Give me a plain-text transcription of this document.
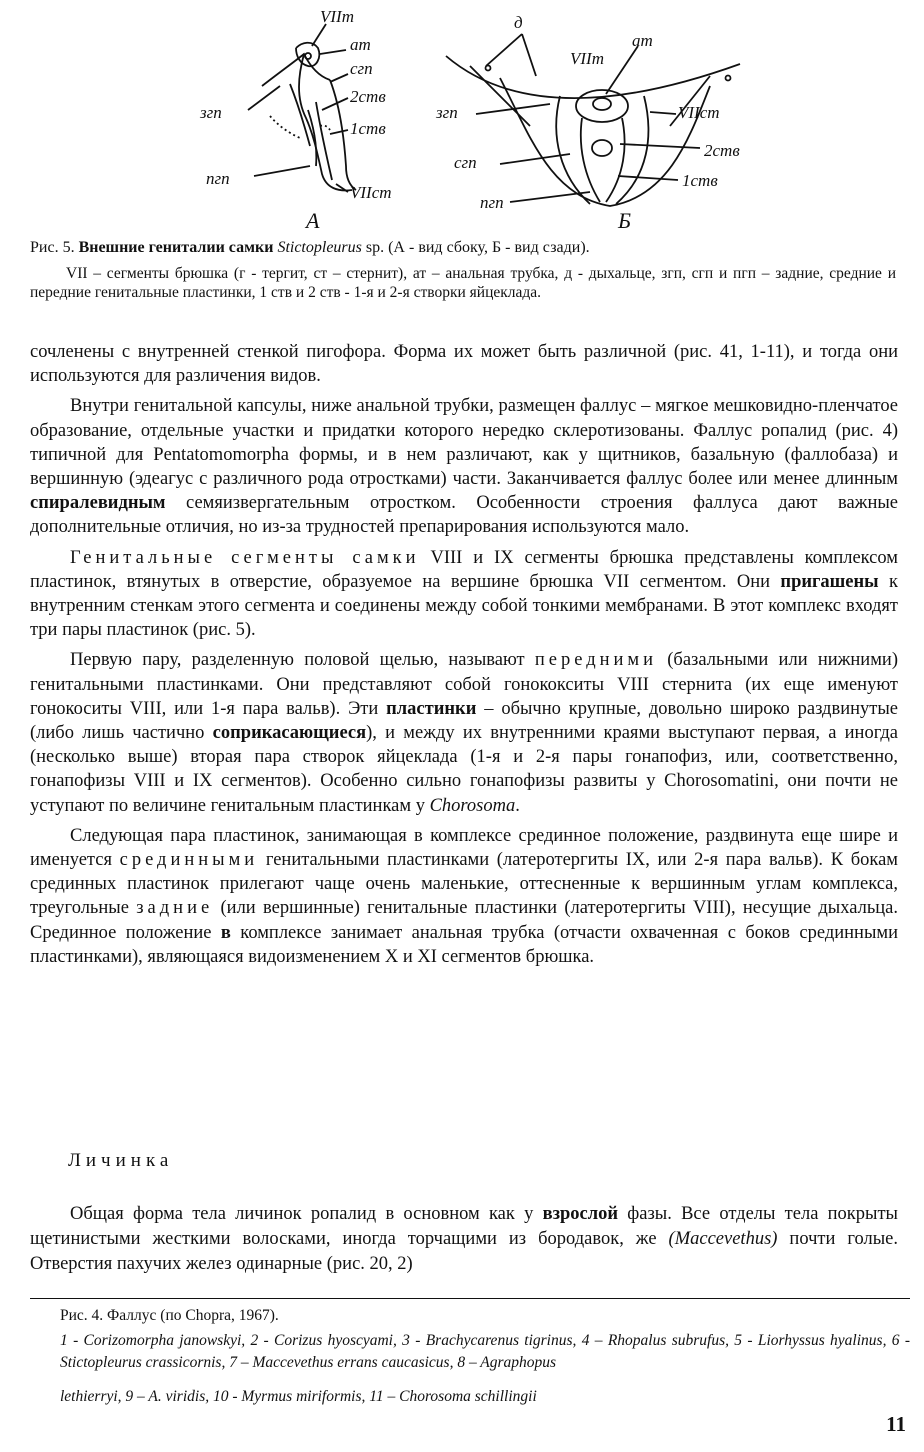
VIIm
am
сгп
згп
2cmв
1cmв
пгп
VIIcm
A
д
am
VIIm
згп	VIIcm
сгп
2cmв
1cmв
пгп
Б
Рис. 5. Внешние гениталии самки Stictopleurus sp. (А - вид сбоку, Б - вид сзади).
VII – сегменты брюшка (г - тергит, ст – стернит), ат – анальная трубка, д - дыхальце, згп, сгп и пгп – задние, средние и передние генитальные пластинки, 1 ств и 2 ств - 1-я и 2-я створки яйцеклада.

сочленены с внутренней стенкой пигофора. Форма их может быть различной (рис. 41, 1-11), и тогда они используются для различения видов.

Внутри генитальной капсулы, ниже анальной трубки, размещен фаллус – мягкое мешковидно-пленчатое образование, отдельные участки и придатки которого нередко склеротизованы. Фаллус ропалид (рис. 4) типичной для Pentatomomorpha формы, и в нем различают, как у щитников, базальную (фаллобаза) и вершинную (эдеагус с различного рода отростками) части. Заканчивается фаллус более или менее длинным спиралевидным семяизвергательным отростком. Особенности строения фаллуса дают важные дополнительные отличия, но из-за трудностей препарирования используются мало.

Генитальные сегменты самки VIII и IX сегменты брюшка представлены комплексом пластинок, втянутых в отверстие, образуемое на вершине брюшка VII сегментом. Они пригашены к внутренним стенкам этого сегмента и соединены между собой тонкими мембранами. В этот комплекс входят три пары пластинок (рис. 5).

Первую пару, разделенную половой щелью, называют передними (базальными или нижними) генитальными пластинками. Они представляют собой гонококситы VIII стернита (их еще именуют гонокоситы VIII, или 1-я пара вальв). Эти пластинки – обычно крупные, довольно широко раздвинутые (либо лишь частично соприкасающиеся), и между их внутренними краями выступают первая, а иногда (несколько выше) вторая пара створок яйцеклада (1-я и 2-я пары гонапофиз, или, соответственно, гонапофизы VIII и IX сегментов). Особенно сильно гонапофизы развиты у Chorosomatini, они почти не уступают по величине генитальным пластинкам у Chorosoma.

Следующая пара пластинок, занимающая в комплексе срединное положение, раздвинута еще шире и именуется срединными генитальными пластинками (латеротергиты IX, или 2-я пара вальв). К бокам срединных пластинок прилегают чаще очень маленькие, оттесненные к вершинным углам комплекса, треугольные задние (или вершинные) генитальные пластинки (латеротергиты VIII), несущие дыхальца. Срединное положение в комплексе занимает анальная трубка (отчасти охваченная с боков срединными пластинками), являющаяся видоизменением X и XI сегментов брюшка.

Личинка

Общая форма тела личинок ропалид в основном как у взрослой фазы. Все отделы тела покрыты щетинистыми жесткими волосками, иногда торчащими из бородавок, же (Maccevethus) почти голые. Отверстия пахучих желез одинарные (рис. 20, 2)

Рис. 4. Фаллус (по Chopra, 1967).
1 - Corizomorpha janowskyi, 2 - Corizus hyoscyami, 3 - Brachycarenus tigrinus, 4 – Rhopalus subrufus, 5 - Liorhyssus hyalinus, 6 - Stictopleurus crassicornis, 7 – Maccevethus errans caucasicus, 8 – Agraphopus
lethierryi, 9 – A. viridis, 10 - Myrmus miriformis, 11 – Chorosoma schillingii
11
